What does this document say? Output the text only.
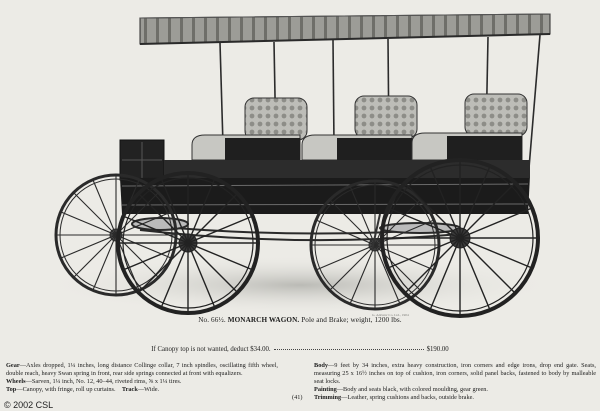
G. Adrianv Co. Ltd., 1904
No. 66½. MONARCH WAGON. Pole and Brake; weight, 1200 lbs.
If Canopy top is not wanted, deduct $34.00.	$190.00

Gear—Axles dropped, 1¼ inches, long distance Collinge collar, 7 inch spindles, oscillating fifth wheel, double reach, heavy Swan spring in front, rear side springs connected at front with equalizers.

Wheels—Sarven, 1¼ inch, No. 12, 40–44, riveted rims, ⅝ x 1¼ tires.

Top—Canopy, with fringe, roll up curtains. Track—Wide.

Body—9 feet by 34 inches, extra heavy construction, iron corners and edge irons, drop end gate. Seats, measuring 25 x 16½ inches on top of cushion, iron corners, solid panel backs, fastened to body by malleable seat locks.

Painting—Body and seats black, with colored moulding, gear green.

Trimming—Leather, spring cushions and backs, outside brake.

(41)
© 2002 CSL
